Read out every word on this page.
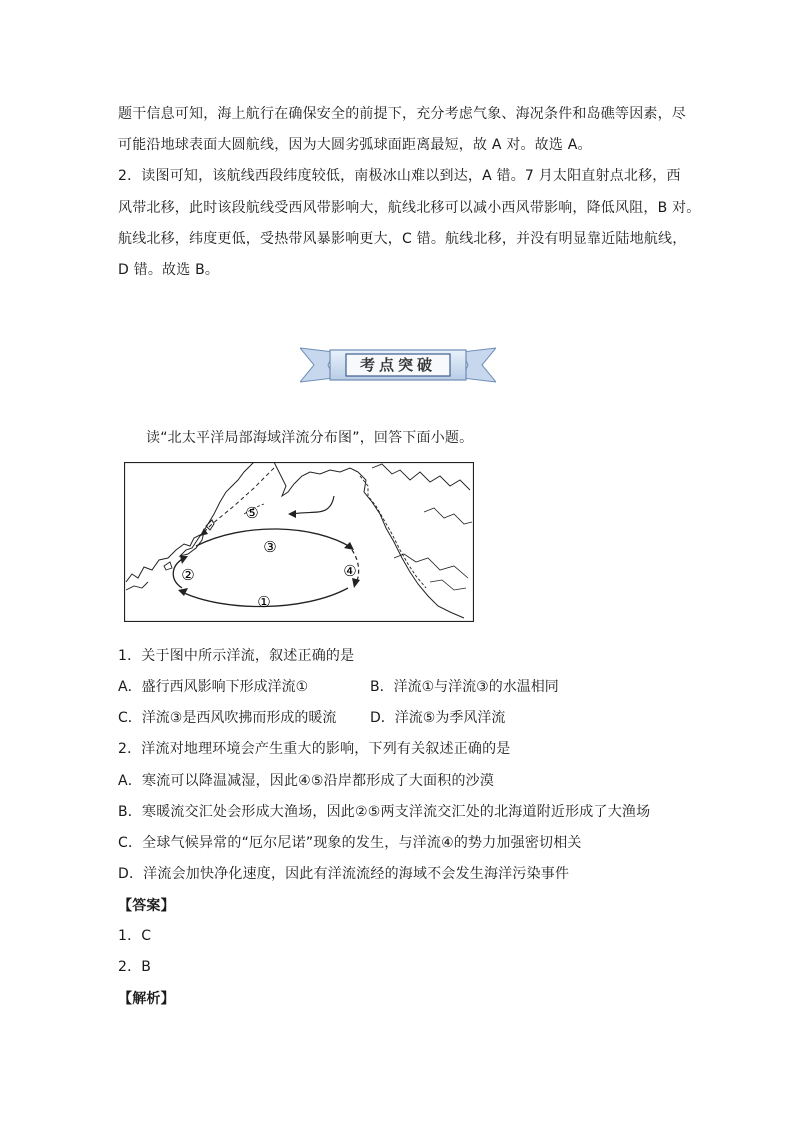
题干信息可知，海上航行在确保安全的前提下，充分考虑气象、海况条件和岛礁等因素，尽
可能沿地球表面大圆航线，因为大圆劣弧球面距离最短，故 A 对。故选 A。
2．读图可知，该航线西段纬度较低，南极冰山难以到达，A 错。7 月太阳直射点北移，西
风带北移，此时该段航线受西风带影响大，航线北移可以减小西风带影响，降低风阻，B 对。
航线北移，纬度更低，受热带风暴影响更大，C 错。航线北移，并没有明显靠近陆地航线，
D 错。故选 B。
考点突破
读“北太平洋局部海域洋流分布图”，回答下面小题。
⑤
③
②	④
①
1．关于图中所示洋流，叙述正确的是
A．盛行西风影响下形成洋流①	B．洋流①与洋流③的水温相同
C．洋流③是西风吹拂而形成的暖流 D．洋流⑤为季风洋流
2．洋流对地理环境会产生重大的影响，下列有关叙述正确的是
A．寒流可以降温减湿，因此④⑤沿岸都形成了大面积的沙漠
B．寒暖流交汇处会形成大渔场，因此②⑤两支洋流交汇处的北海道附近形成了大渔场
C．全球气候异常的“厄尔尼诺”现象的发生，与洋流④的势力加强密切相关
D．洋流会加快净化速度，因此有洋流流经的海域不会发生海洋污染事件
【答案】
1．C
2．B
【解析】
